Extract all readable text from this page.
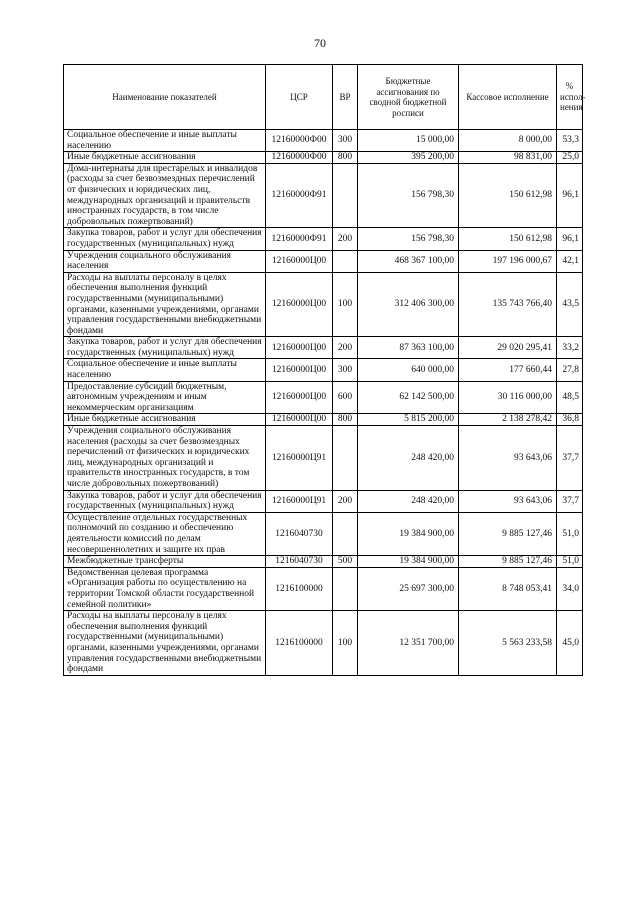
70
Наименование показателей	ЦСР	ВР	Бюджетные ассигнования по сводной бюджетной росписи	Кассовое исполнение	% испол-нения
Социальное обеспечение и иные выплаты населению	12160000Ф00	300	15 000,00	8 000,00	53,3
Иные бюджетные ассигнования	12160000Ф00	800	395 200,00	98 831,00	25,0
Дома-интернаты для престарелых и инвалидов (расходы за счет безвозмездных перечислений от физических и юридических лиц, международных организаций и правительств иностранных государств, в том числе добровольных пожертвований)	12160000Ф91		156 798,30	150 612,98	96,1
Закупка товаров, работ и услуг для обеспечения государственных (муниципальных) нужд	12160000Ф91	200	156 798,30	150 612,98	96,1
Учреждения социального обслуживания населения	12160000Ц00		468 367 100,00	197 196 000,67	42,1
Расходы на выплаты персоналу в целях обеспечения выполнения функций государственными (муниципальными) органами, казенными учреждениями, органами управления государственными внебюджетными фондами	12160000Ц00	100	312 406 300,00	135 743 766,40	43,5
Закупка товаров, работ и услуг для обеспечения государственных (муниципальных) нужд	12160000Ц00	200	87 363 100,00	29 020 295,41	33,2
Социальное обеспечение и иные выплаты населению	12160000Ц00	300	640 000,00	177 660,44	27,8
Предоставление субсидий бюджетным, автономным учреждениям и иным некоммерческим организациям	12160000Ц00	600	62 142 500,00	30 116 000,00	48,5
Иные бюджетные ассигнования	12160000Ц00	800	5 815 200,00	2 138 278,42	36,8
Учреждения социального обслуживания населения (расходы за счет безвозмездных перечислений от физических и юридических лиц, международных организаций и правительств иностранных государств, в том числе добровольных пожертвований)	12160000Ц91		248 420,00	93 643,06	37,7
Закупка товаров, работ и услуг для обеспечения государственных (муниципальных) нужд	12160000Ц91	200	248 420,00	93 643,06	37,7
Осуществление отдельных государственных полномочий по созданию и обеспечению деятельности комиссий по делам несовершеннолетних и защите их прав	1216040730		19 384 900,00	9 885 127,46	51,0
Межбюджетные трансферты	1216040730	500	19 384 900,00	9 885 127,46	51,0
Ведомственная целевая программа «Организация работы по осуществлению на территории Томской области государственной семейной политики»	1216100000		25 697 300,00	8 748 053,41	34,0
Расходы на выплаты персоналу в целях обеспечения выполнения функций государственными (муниципальными) органами, казенными учреждениями, органами управления государственными внебюджетными фондами	1216100000	100	12 351 700,00	5 563 233,58	45,0
